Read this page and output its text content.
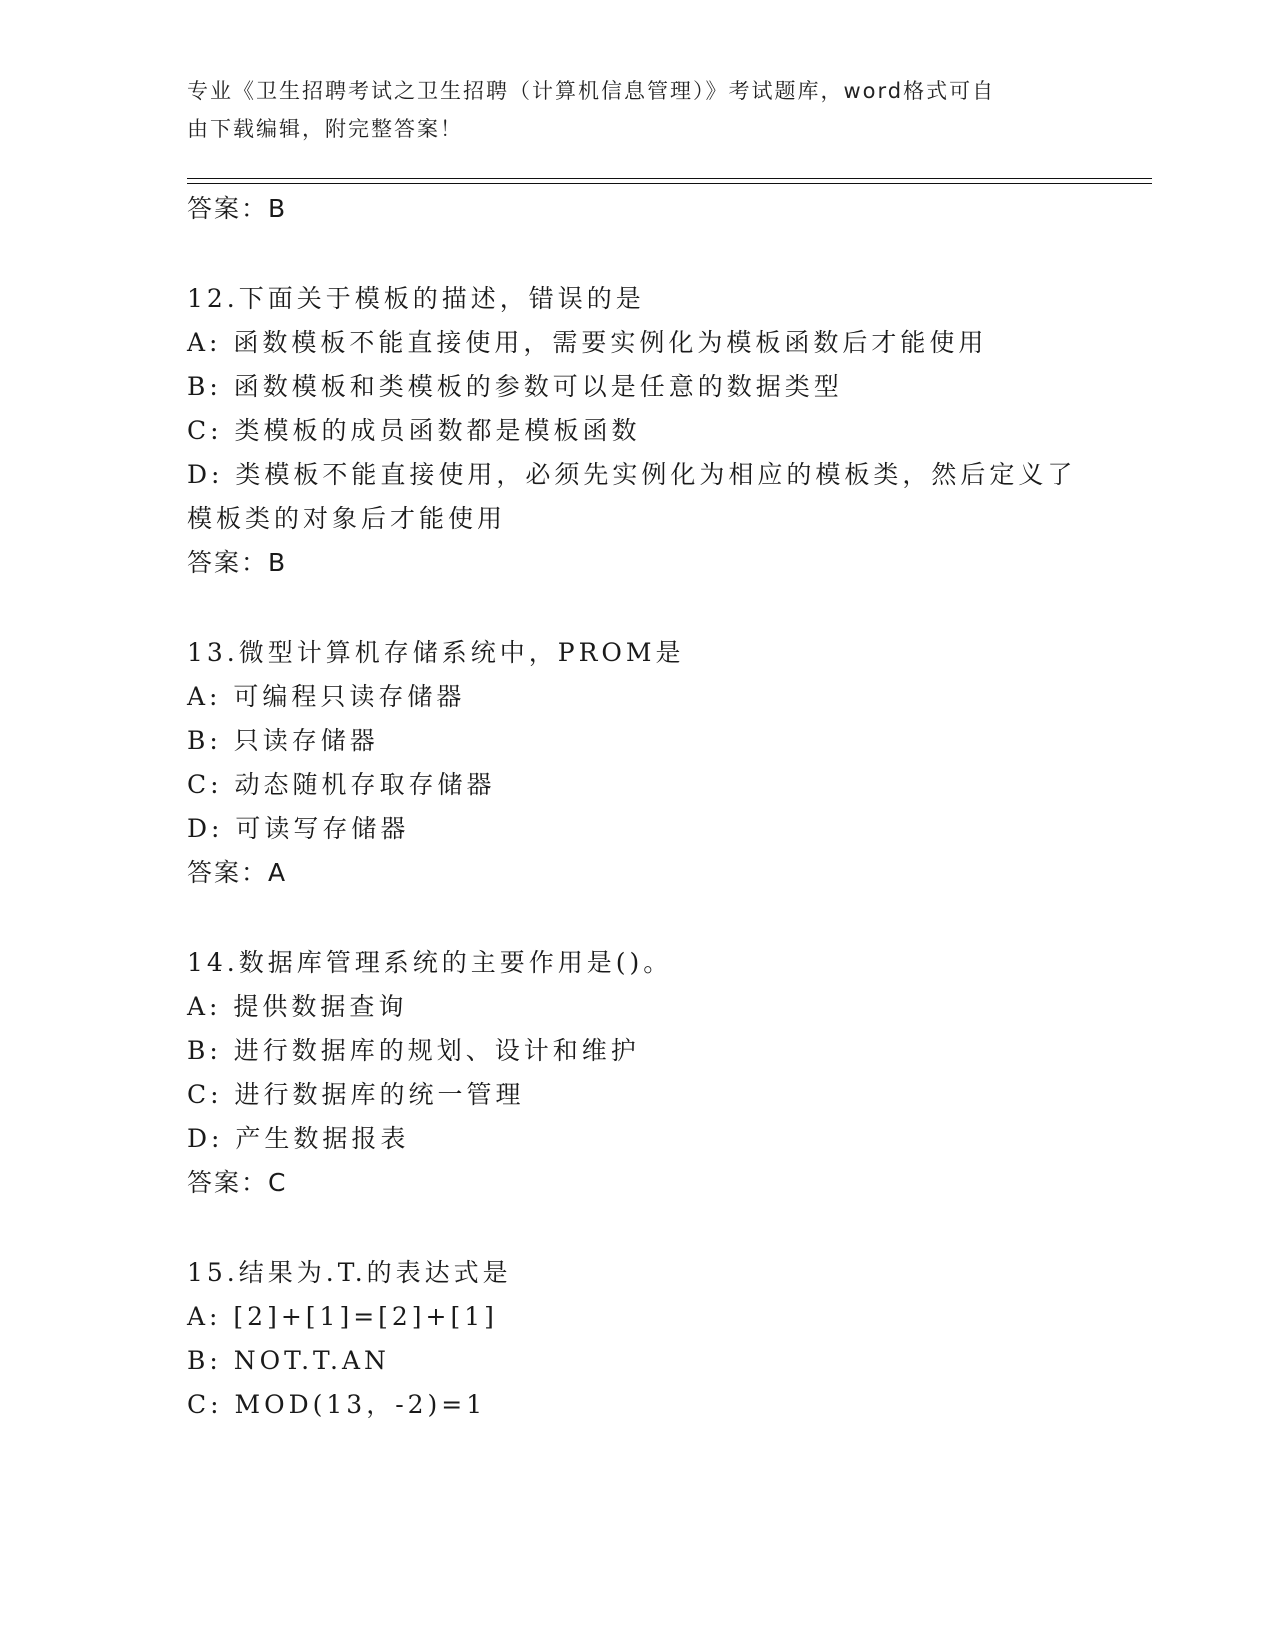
专业《卫生招聘考试之卫生招聘（计算机信息管理）》考试题库，word格式可自
由下载编辑，附完整答案！
答案：B
12.下面关于模板的描述，错误的是
A: 函数模板不能直接使用，需要实例化为模板函数后才能使用
B: 函数模板和类模板的参数可以是任意的数据类型
C: 类模板的成员函数都是模板函数
D: 类模板不能直接使用，必须先实例化为相应的模板类，然后定义了
模板类的对象后才能使用
答案：B
13.微型计算机存储系统中，PROM是
A: 可编程只读存储器
B: 只读存储器
C: 动态随机存取存储器
D: 可读写存储器
答案：A
14.数据库管理系统的主要作用是()。
A: 提供数据查询
B: 进行数据库的规划、设计和维护
C: 进行数据库的统一管理
D: 产生数据报表
答案：C
15.结果为.T.的表达式是
A: [2]+[1]=[2]+[1]
B: NOT.T.AN
C: MOD(13，-2)=1
